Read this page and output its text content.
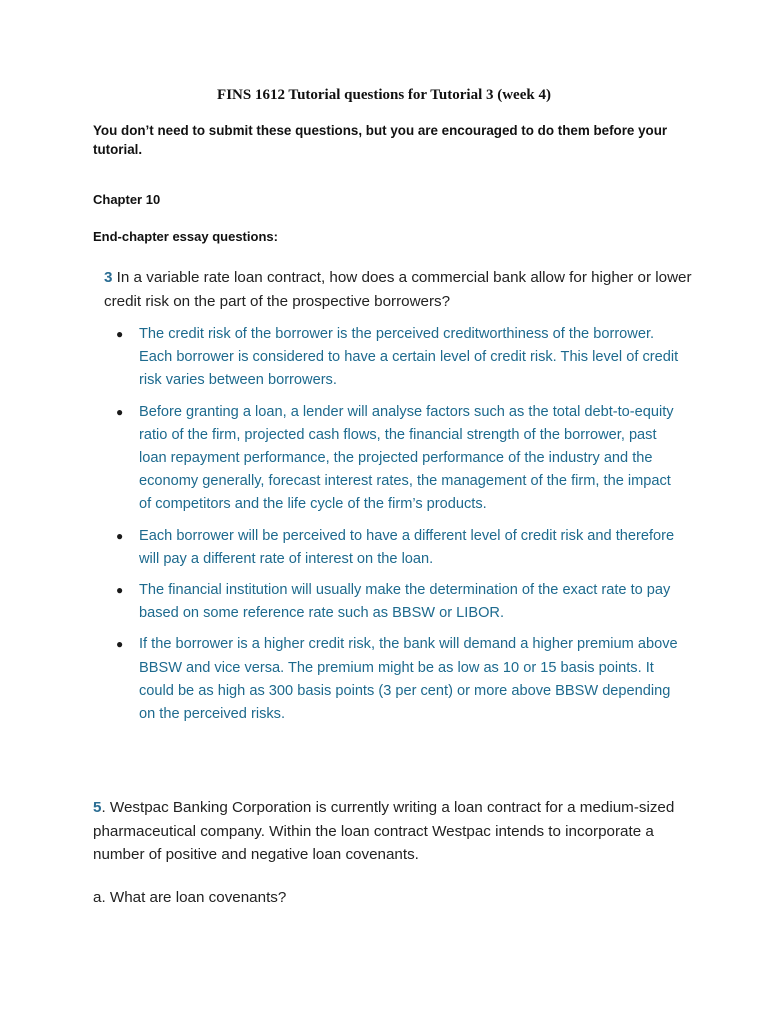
FINS 1612 Tutorial questions for Tutorial 3 (week 4)
You don’t need to submit these questions, but you are encouraged to do them before your tutorial.
Chapter 10
End-chapter essay questions:
3 In a variable rate loan contract, how does a commercial bank allow for higher or lower credit risk on the part of the prospective borrowers?
● The credit risk of the borrower is the perceived creditworthiness of the borrower. Each borrower is considered to have a certain level of credit risk. This level of credit risk varies between borrowers.
● Before granting a loan, a lender will analyse factors such as the total debt-to-equity ratio of the firm, projected cash flows, the financial strength of the borrower, past loan repayment performance, the projected performance of the industry and the economy generally, forecast interest rates, the management of the firm, the impact of competitors and the life cycle of the firm’s products.
● Each borrower will be perceived to have a different level of credit risk and therefore will pay a different rate of interest on the loan.
● The financial institution will usually make the determination of the exact rate to pay based on some reference rate such as BBSW or LIBOR.
● If the borrower is a higher credit risk, the bank will demand a higher premium above BBSW and vice versa. The premium might be as low as 10 or 15 basis points. It could be as high as 300 basis points (3 per cent) or more above BBSW depending on the perceived risks.
5. Westpac Banking Corporation is currently writing a loan contract for a medium-sized pharmaceutical company. Within the loan contract Westpac intends to incorporate a number of positive and negative loan covenants.
a. What are loan covenants?
